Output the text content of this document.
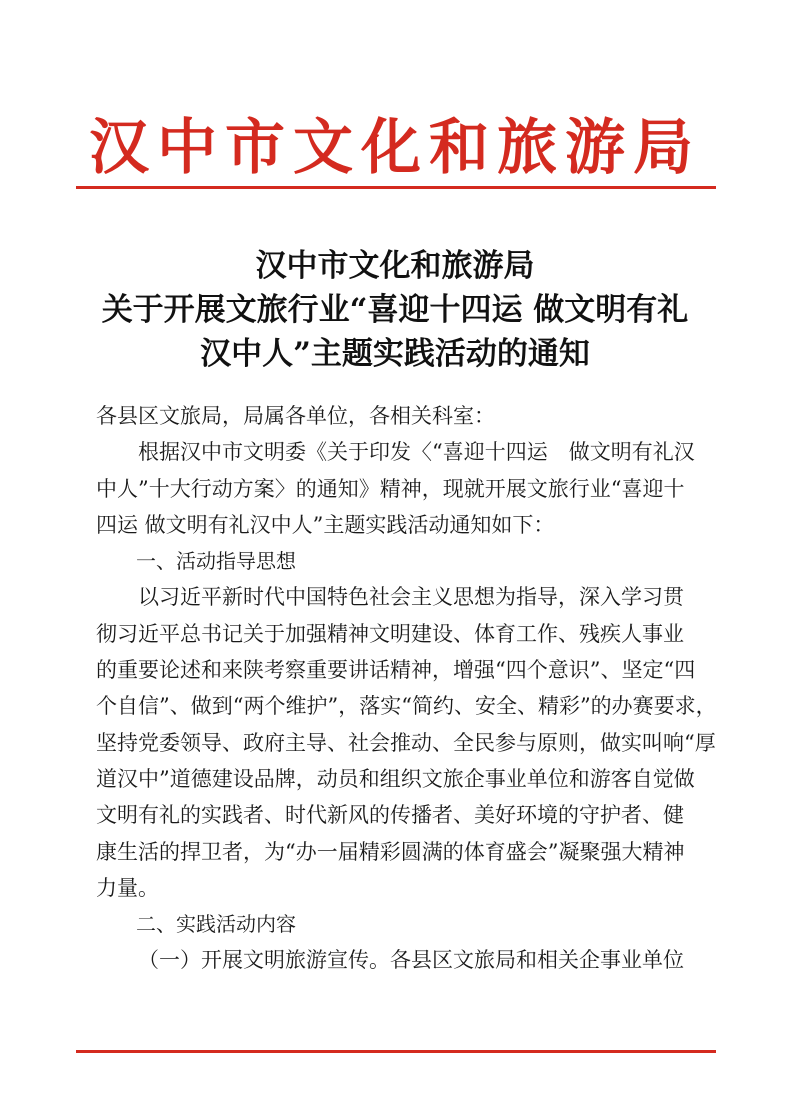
汉中市文化和旅游局
汉中市文化和旅游局
关于开展文旅行业“喜迎十四运 做文明有礼
汉中人”主题实践活动的通知

各县区文旅局，局属各单位，各相关科室：

根据汉中市文明委《关于印发〈“喜迎十四运　做文明有礼汉

中人”十大行动方案〉的通知》精神，现就开展文旅行业“喜迎十

四运 做文明有礼汉中人”主题实践活动通知如下：

一、活动指导思想

以习近平新时代中国特色社会主义思想为指导，深入学习贯

彻习近平总书记关于加强精神文明建设、体育工作、残疾人事业

的重要论述和来陕考察重要讲话精神，增强“四个意识”、坚定“四

个自信”、做到“两个维护”，落实“简约、安全、精彩”的办赛要求，

坚持党委领导、政府主导、社会推动、全民参与原则，做实叫响“厚

道汉中”道德建设品牌，动员和组织文旅企事业单位和游客自觉做

文明有礼的实践者、时代新风的传播者、美好环境的守护者、健

康生活的捍卫者，为“办一届精彩圆满的体育盛会”凝聚强大精神

力量。

二、实践活动内容

（一）开展文明旅游宣传。各县区文旅局和相关企事业单位
